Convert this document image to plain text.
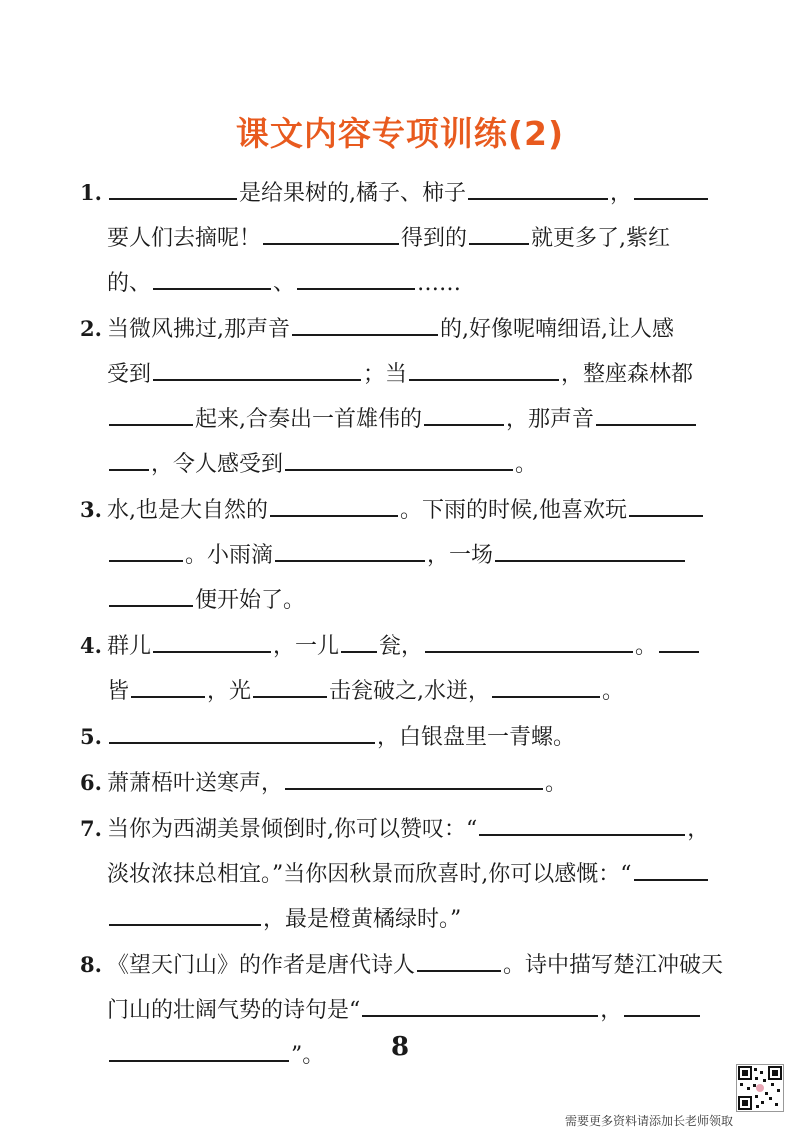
课文内容专项训练(2)
1.	是给果树的,橘子、柿子	，
要人们去摘呢！	得到的	就更多了,紫红
的、	、	……
2. 当微风拂过,那声音	的,好像呢喃细语,让人感
受到	；当	，整座森林都
起来,合奏出一首雄伟的	，那声音
，令人感受到	。
3. 水,也是大自然的	。下雨的时候,他喜欢玩
。小雨滴	，一场
便开始了。
4. 群儿	，一儿 瓮，	。
皆	，光	击瓮破之,水迸，	。
5.	，白银盘里一青螺。
6. 萧萧梧叶送寒声，	。
7. 当你为西湖美景倾倒时,你可以赞叹：“	，
淡妆浓抹总相宜。”当你因秋景而欣喜时,你可以感慨：“
，最是橙黄橘绿时。”
8. 《望天门山》的作者是唐代诗人	。诗中描写楚江冲破天
门山的壮阔气势的诗句是“	，
”。	8
需要更多资料请添加长老师领取
